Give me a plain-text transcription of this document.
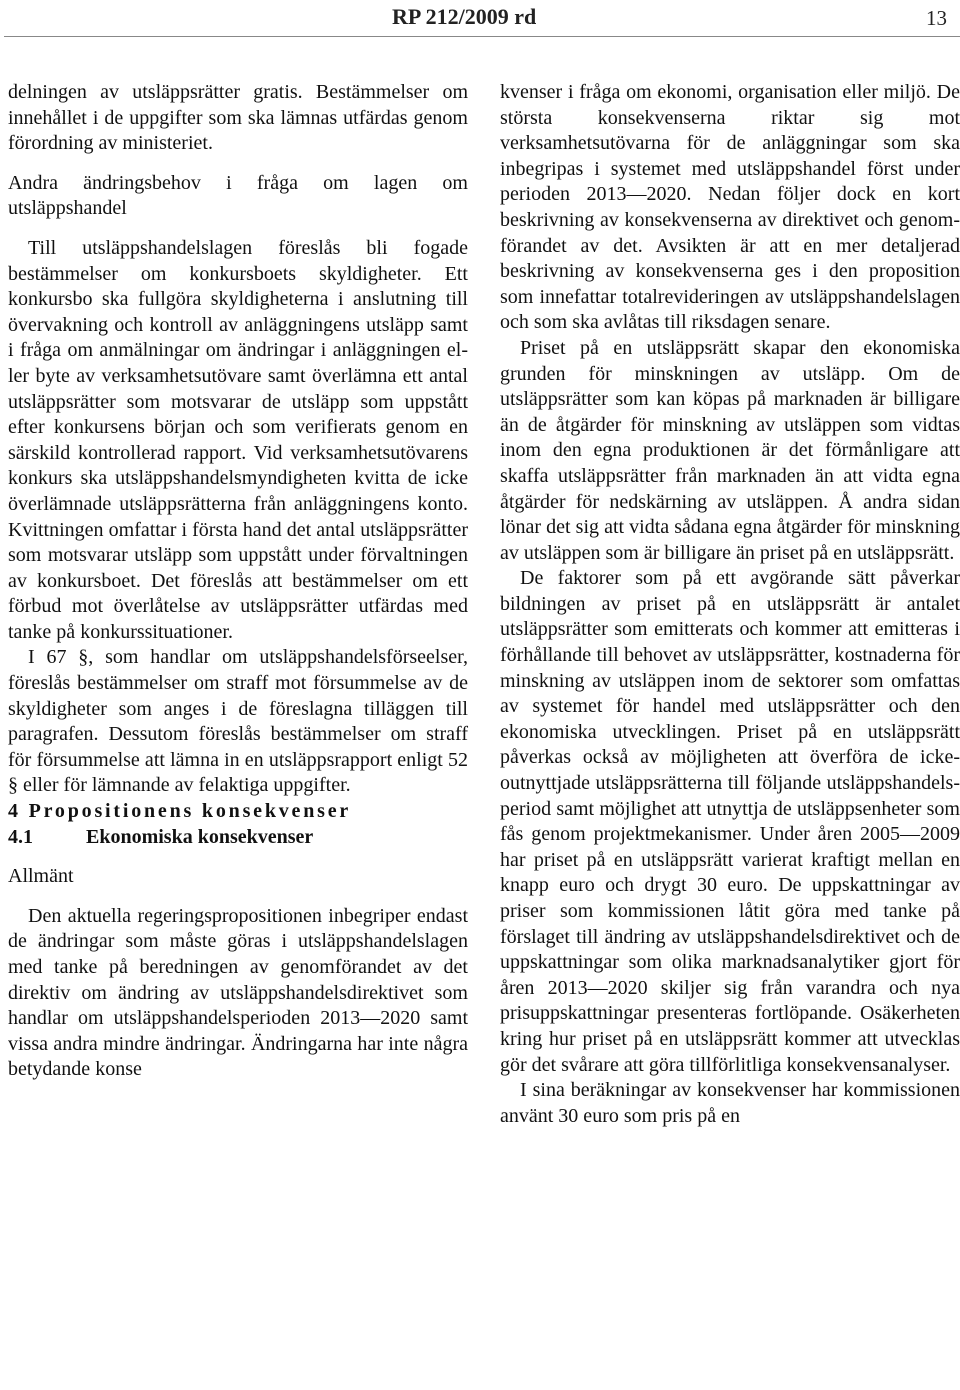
RP 212/2009 rd	13

delningen av utsläppsrätter gratis. Bestämmelser om innehållet i de uppgifter som ska lämnas utfärdas genom förordning av ministeriet.

Andra ändringsbehov i fråga om lagen om utsläppshandel

Till utsläppshandelslagen föreslås bli fogade bestämmelser om konkursboets skyldigheter. Ett konkursbo ska fullgöra skyldigheterna i anslutning till övervakning och kontroll av anläggningens utsläpp samt i fråga om anmälningar om ändringar i anläggningen eller byte av verksamhetsutövare samt överlämna ett antal utsläppsrätter som motsvarar de utsläpp som uppstått efter konkursens början och som verifierats genom en särskild kontrollerad rapport. Vid verksamhetsutövarens konkurs ska utsläppshandelsmyndigheten kvitta de icke överlämnade utsläppsrätterna från anläggningens konto. Kvittningen omfattar i första hand det antal utsläppsrätter som motsvarar utsläpp som uppstått under förvaltningen av konkursboet. Det föreslås att bestämmelser om ett förbud mot överlåtelse av utsläppsrätter utfärdas med tanke på konkurssituationer.

I 67 §, som handlar om utsläppshandelsförseelser, föreslås bestämmelser om straff mot försummelse av de skyldigheter som anges i de föreslagna tilläggen till paragrafen. Dessutom föreslås bestämmelser om straff för försummelse att lämna in en utsläppsrapport enligt 52 § eller för lämnande av felaktiga uppgifter.

4 Propositionens konsekvenser

4.1	Ekonomiska konsekvenser

Allmänt

Den aktuella regeringspropositionen inbegriper endast de ändringar som måste göras i utsläppshandelslagen med tanke på beredningen av genomförandet av det direktiv om ändring av utsläppshandelsdirektivet som handlar om utsläppshandelsperioden 2013—2020 samt vissa andra mindre ändringar. Ändringarna har inte några betydande konse

kvenser i fråga om ekonomi, organisation eller miljö. De största konsekvenserna riktar sig mot verksamhetsutövarna för de anläggningar som ska inbegripas i systemet med utsläppshandel först under perioden 2013—2020. Nedan följer dock en kort beskrivning av konsekvenserna av direktivet och genomförandet av det. Avsikten är att en mer detaljerad beskrivning av konsekvenserna ges i den proposition som innefattar totalrevideringen av utsläppshandelslagen och som ska avlåtas till riksdagen senare.

Priset på en utsläppsrätt skapar den ekonomiska grunden för minskningen av utsläpp. Om de utsläppsrätter som kan köpas på marknaden är billigare än de åtgärder för minskning av utsläppen som vidtas inom den egna produktionen är det förmånligare att skaffa utsläppsrätter från marknaden än att vidta egna åtgärder för nedskärning av utsläppen. Å andra sidan lönar det sig att vidta sådana egna åtgärder för minskning av utsläppen som är billigare än priset på en utsläppsrätt.

De faktorer som på ett avgörande sätt påverkar bildningen av priset på en utsläppsrätt är antalet utsläppsrätter som emitterats och kommer att emitteras i förhållande till behovet av utsläppsrätter, kostnaderna för minskning av utsläppen inom de sektorer som omfattas av systemet för handel med utsläppsrätter och den ekonomiska utvecklingen. Priset på en utsläppsrätt påverkas också av möjligheten att överföra de icke-outnyttjade utsläppsrätterna till följande utsläppshandelsperiod samt möjlighet att utnyttja de utsläppsenheter som fås genom projektmekanismer. Under åren 2005—2009 har priset på en utsläppsrätt varierat kraftigt mellan en knapp euro och drygt 30 euro. De uppskattningar av priser som kommissionen låtit göra med tanke på förslaget till ändring av utsläppshandelsdirektivet och de uppskattningar som olika marknadsanalytiker gjort för åren 2013—2020 skiljer sig från varandra och nya prisuppskattningar presenteras fortlöpande. Osäkerheten kring hur priset på en utsläppsrätt kommer att utvecklas gör det svårare att göra tillförlitliga konsekvensanalyser.

I sina beräkningar av konsekvenser har kommissionen använt 30 euro som pris på en
